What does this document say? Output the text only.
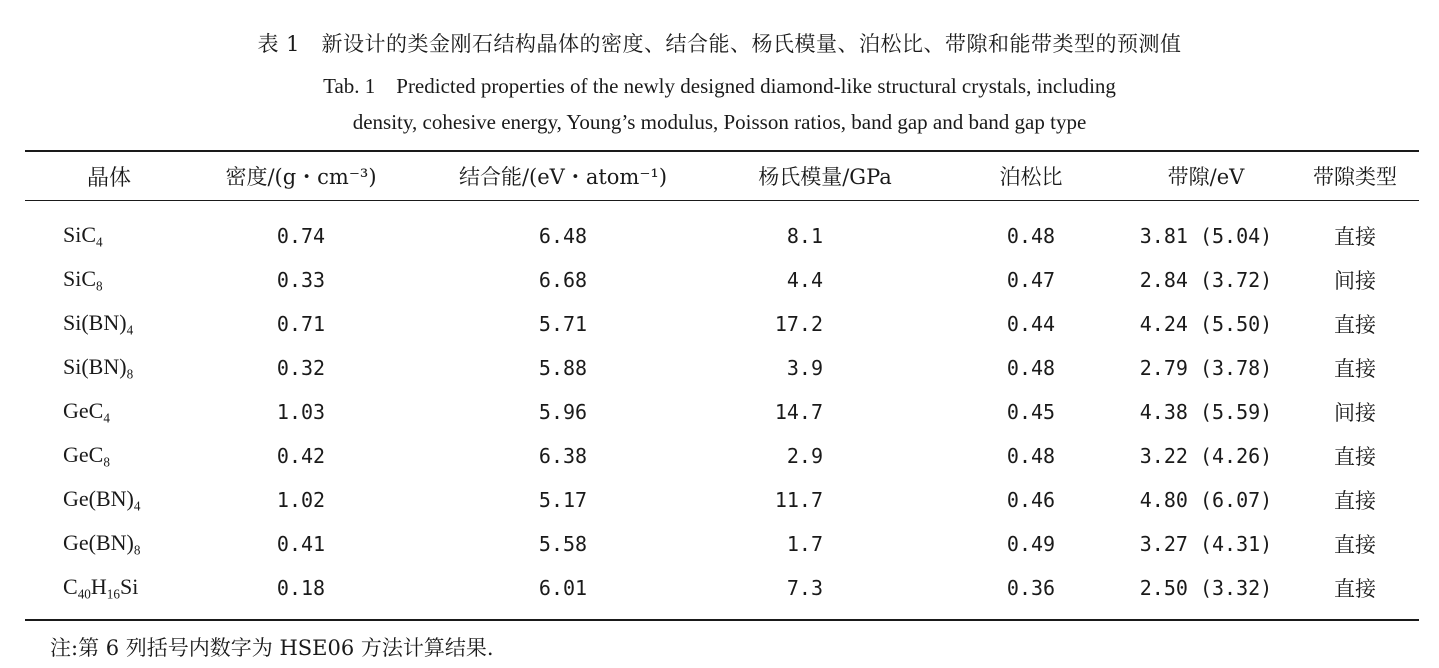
表 1　新设计的类金刚石结构晶体的密度、结合能、杨氏模量、泊松比、带隙和能带类型的预测值
Tab. 1　Predicted properties of the newly designed diamond-like structural crystals, including
density, cohesive energy, Young’s modulus, Poisson ratios, band gap and band gap type
晶体	密度/(g・cm⁻³)	结合能/(eV・atom⁻¹)	杨氏模量/GPa	泊松比	带隙/eV	带隙类型
SiC$_4$	0.74	6.48	8.1	0.48	3.81 (5.04)	直接
SiC$_8$	0.33	6.68	4.4	0.47	2.84 (3.72)	间接
$Si(BN)_4$	0.71	5.71	17.2	0.44	4.24 (5.50)	直接
$Si(BN)_8$	0.32	5.88	3.9	0.48	2.79 (3.78)	直接
GeC$_4$	1.03	5.96	14.7	0.45	4.38 (5.59)	间接
GeC$_8$	0.42	6.38	2.9	0.48	3.22 (4.26)	直接
$Ge(BN)_4$	1.02	5.17	11.7	0.46	4.80 (6.07)	直接
$Ge(BN)_8$	0.41	5.58	1.7	0.49	3.27 (4.31)	直接
$C_{40}H_{16}Si$	0.18	6.01	7.3	0.36	2.50 (3.32)	直接
注:第 6 列括号内数字为 HSE06 方法计算结果.
